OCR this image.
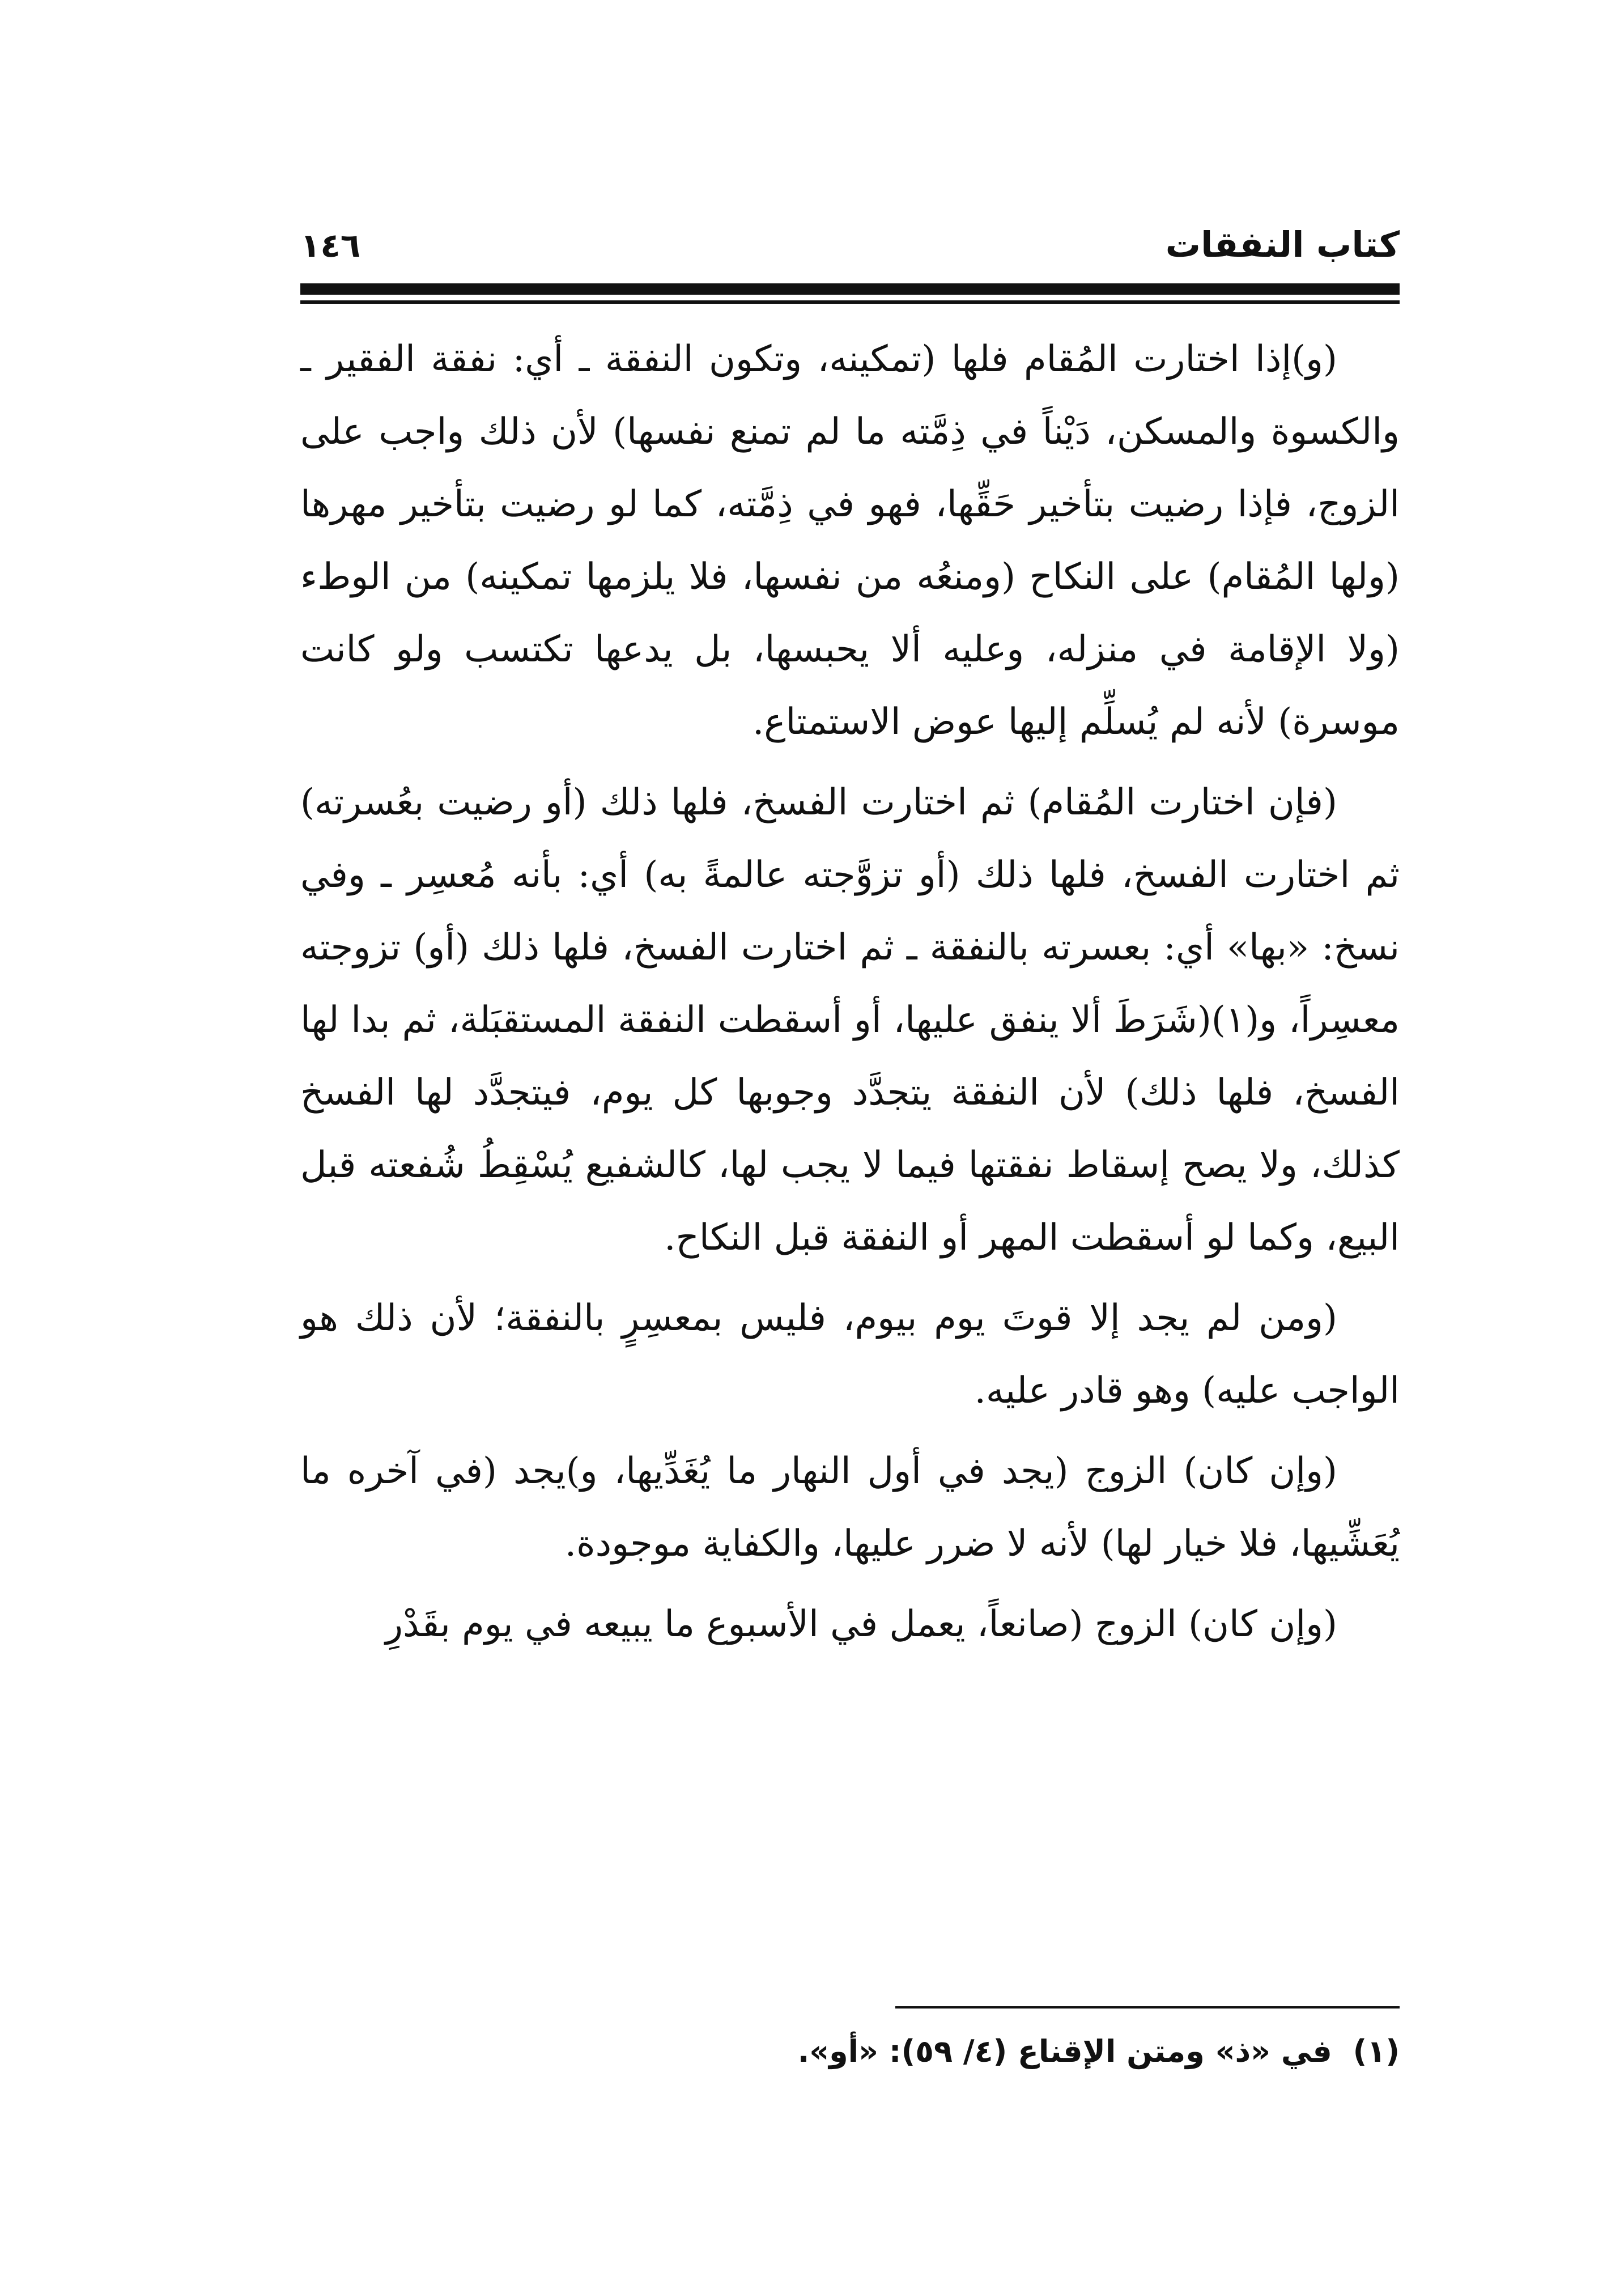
كتاب النفقات
١٤٦

(و)إذا اختارت المُقام فلها (تمكينه، وتكون النفقة ـ أي: نفقة الفقير ـ والكسوة والمسكن، دَيْناً في ذِمَّته ما لم تمنع نفسها) لأن ذلك واجب على الزوج، فإذا رضيت بتأخير حَقِّها، فهو في ذِمَّته، كما لو رضيت بتأخير مهرها (ولها المُقام) على النكاح (ومنعُه من نفسها، فلا يلزمها تمكينه) من الوطء (ولا الإقامة في منزله، وعليه ألا يحبسها، بل يدعها تكتسب ولو كانت موسرة) لأنه لم يُسلِّم إليها عوض الاستمتاع.

(فإن اختارت المُقام) ثم اختارت الفسخ، فلها ذلك (أو رضيت بعُسرته) ثم اختارت الفسخ، فلها ذلك (أو تزوَّجته عالمةً به) أي: بأنه مُعسِر ـ وفي نسخ: «بها» أي: بعسرته بالنفقة ـ ثم اختارت الفسخ، فلها ذلك (أو) تزوجته معسِراً، و(١)(شَرَطَ ألا ينفق عليها، أو أسقطت النفقة المستقبَلة، ثم بدا لها الفسخ، فلها ذلك) لأن النفقة يتجدَّد وجوبها كل يوم، فيتجدَّد لها الفسخ كذلك، ولا يصح إسقاط نفقتها فيما لا يجب لها، كالشفيع يُسْقِطُ شُفعته قبل البيع، وكما لو أسقطت المهر أو النفقة قبل النكاح.

(ومن لم يجد إلا قوتَ يوم بيوم، فليس بمعسِرٍ بالنفقة؛ لأن ذلك هو الواجب عليه) وهو قادر عليه.

(وإن كان) الزوج (يجد في أول النهار ما يُغَدِّيها، و)يجد (في آخره ما يُعَشِّيها، فلا خيار لها) لأنه لا ضرر عليها، والكفاية موجودة.

(وإن كان) الزوج (صانعاً، يعمل في الأسبوع ما يبيعه في يوم بقَدْرِ

(١) في «ذ» ومتن الإقناع (٤/ ٥٩): «أو».
